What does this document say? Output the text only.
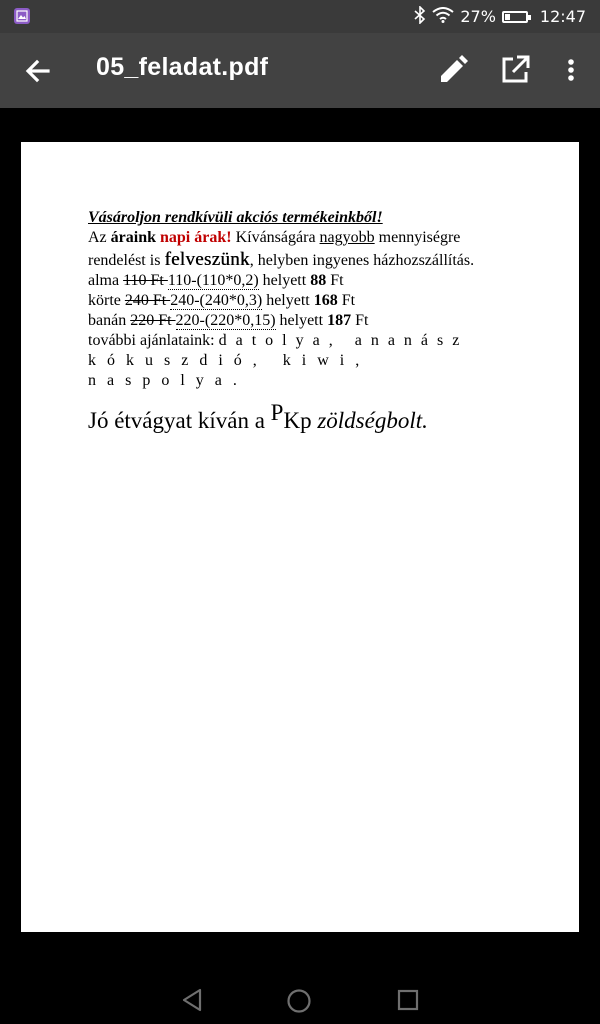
27%	12:47
05_feladat.pdf
Vásároljon rendkívüli akciós termékeinkből!
Az áraink napi árak! Kívánságára nagyobb mennyiségre
rendelést is felveszünk, helyben ingyenes házhozszállítás.
alma 110 Ft 110-(110*0,2) helyett 88 Ft
körte 240 Ft 240-(240*0,3) helyett 168 Ft
banán 220 Ft 220-(220*0,15) helyett 187 Ft
további ajánlataink: datolya, ananász
kókuszdió, kiwi, naspolya.
Jó étvágyat kíván a PKp zöldségbolt.
